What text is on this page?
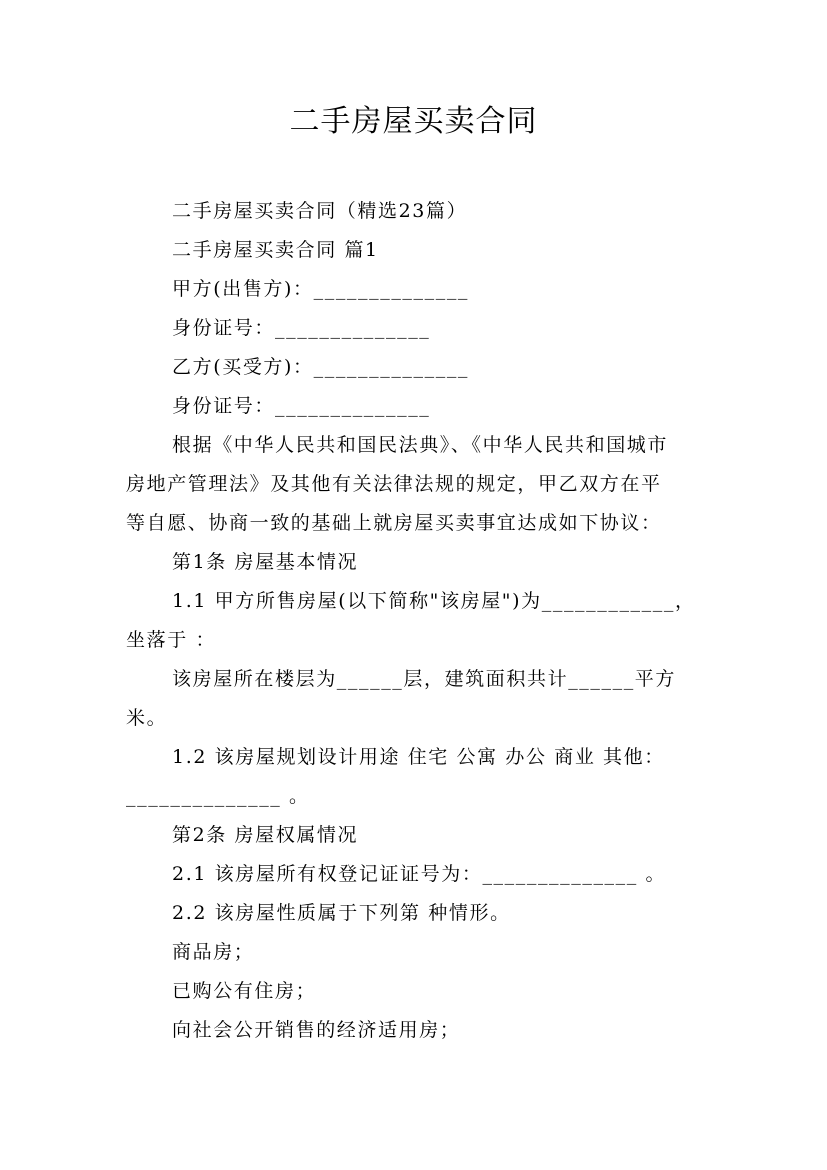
二手房屋买卖合同
二手房屋买卖合同（精选23篇）
二手房屋买卖合同 篇1
甲方(出售方)：______________
身份证号：______________
乙方(买受方)：______________
身份证号：______________
根据《中华人民共和国民法典》、《中华人民共和国城市
房地产管理法》及其他有关法律法规的规定，甲乙双方在平
等自愿、协商一致的基础上就房屋买卖事宜达成如下协议：
第1条 房屋基本情况
1.1 甲方所售房屋(以下简称"该房屋")为____________，
坐落于 ：
该房屋所在楼层为______层，建筑面积共计______平方
米。
1.2 该房屋规划设计用途 住宅 公寓 办公 商业 其他：
______________ 。
第2条 房屋权属情况
2.1 该房屋所有权登记证证号为：______________ 。
2.2 该房屋性质属于下列第 种情形。
商品房；
已购公有住房；
向社会公开销售的经济适用房；
